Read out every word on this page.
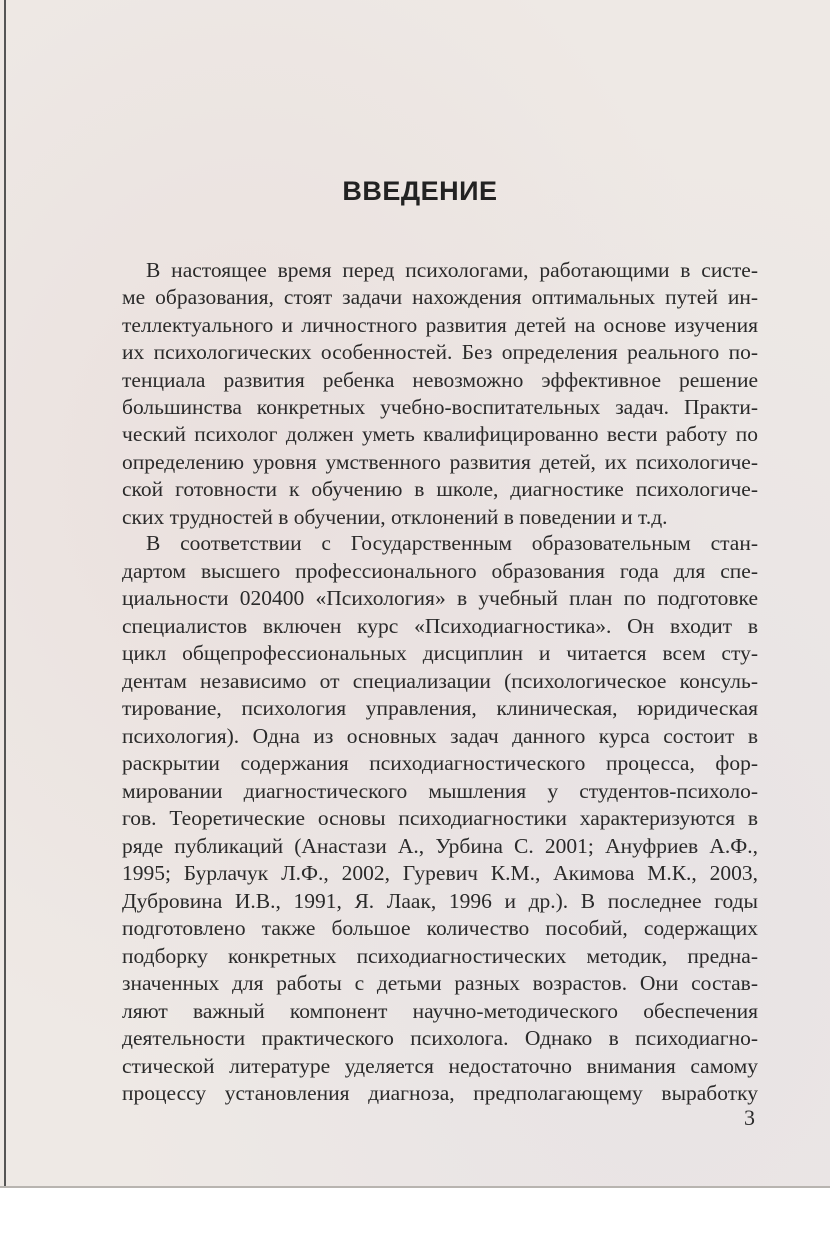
ВВЕДЕНИЕ
В настоящее время перед психологами, работающими в систе-
ме образования, стоят задачи нахождения оптимальных путей ин-
теллектуального и личностного развития детей на основе изучения
их психологических особенностей. Без определения реального по-
тенциала развития ребенка невозможно эффективное решение
большинства конкретных учебно-воспитательных задач. Практи-
ческий психолог должен уметь квалифицированно вести работу по
определению уровня умственного развития детей, их психологиче-
ской готовности к обучению в школе, диагностике психологиче-
ских трудностей в обучении, отклонений в поведении и т.д.
В соответствии с Государственным образовательным стан-
дартом высшего профессионального образования года для спе-
циальности 020400 «Психология» в учебный план по подготовке
специалистов включен курс «Психодиагностика». Он входит в
цикл общепрофессиональных дисциплин и читается всем сту-
дентам независимо от специализации (психологическое консуль-
тирование, психология управления, клиническая, юридическая
психология). Одна из основных задач данного курса состоит в
раскрытии содержания психодиагностического процесса, фор-
мировании диагностического мышления у студентов-психоло-
гов. Теоретические основы психодиагностики характеризуются в
ряде публикаций (Анастази А., Урбина С. 2001; Ануфриев А.Ф.,
1995; Бурлачук Л.Ф., 2002, Гуревич К.М., Акимова М.К., 2003,
Дубровина И.В., 1991, Я. Лаак, 1996 и др.). В последнее годы
подготовлено также большое количество пособий, содержащих
подборку конкретных психодиагностических методик, предна-
значенных для работы с детьми разных возрастов. Они состав-
ляют важный компонент научно-методического обеспечения
деятельности практического психолога. Однако в психодиагно-
стической литературе уделяется недостаточно внимания самому
процессу установления диагноза, предполагающему выработку
3
